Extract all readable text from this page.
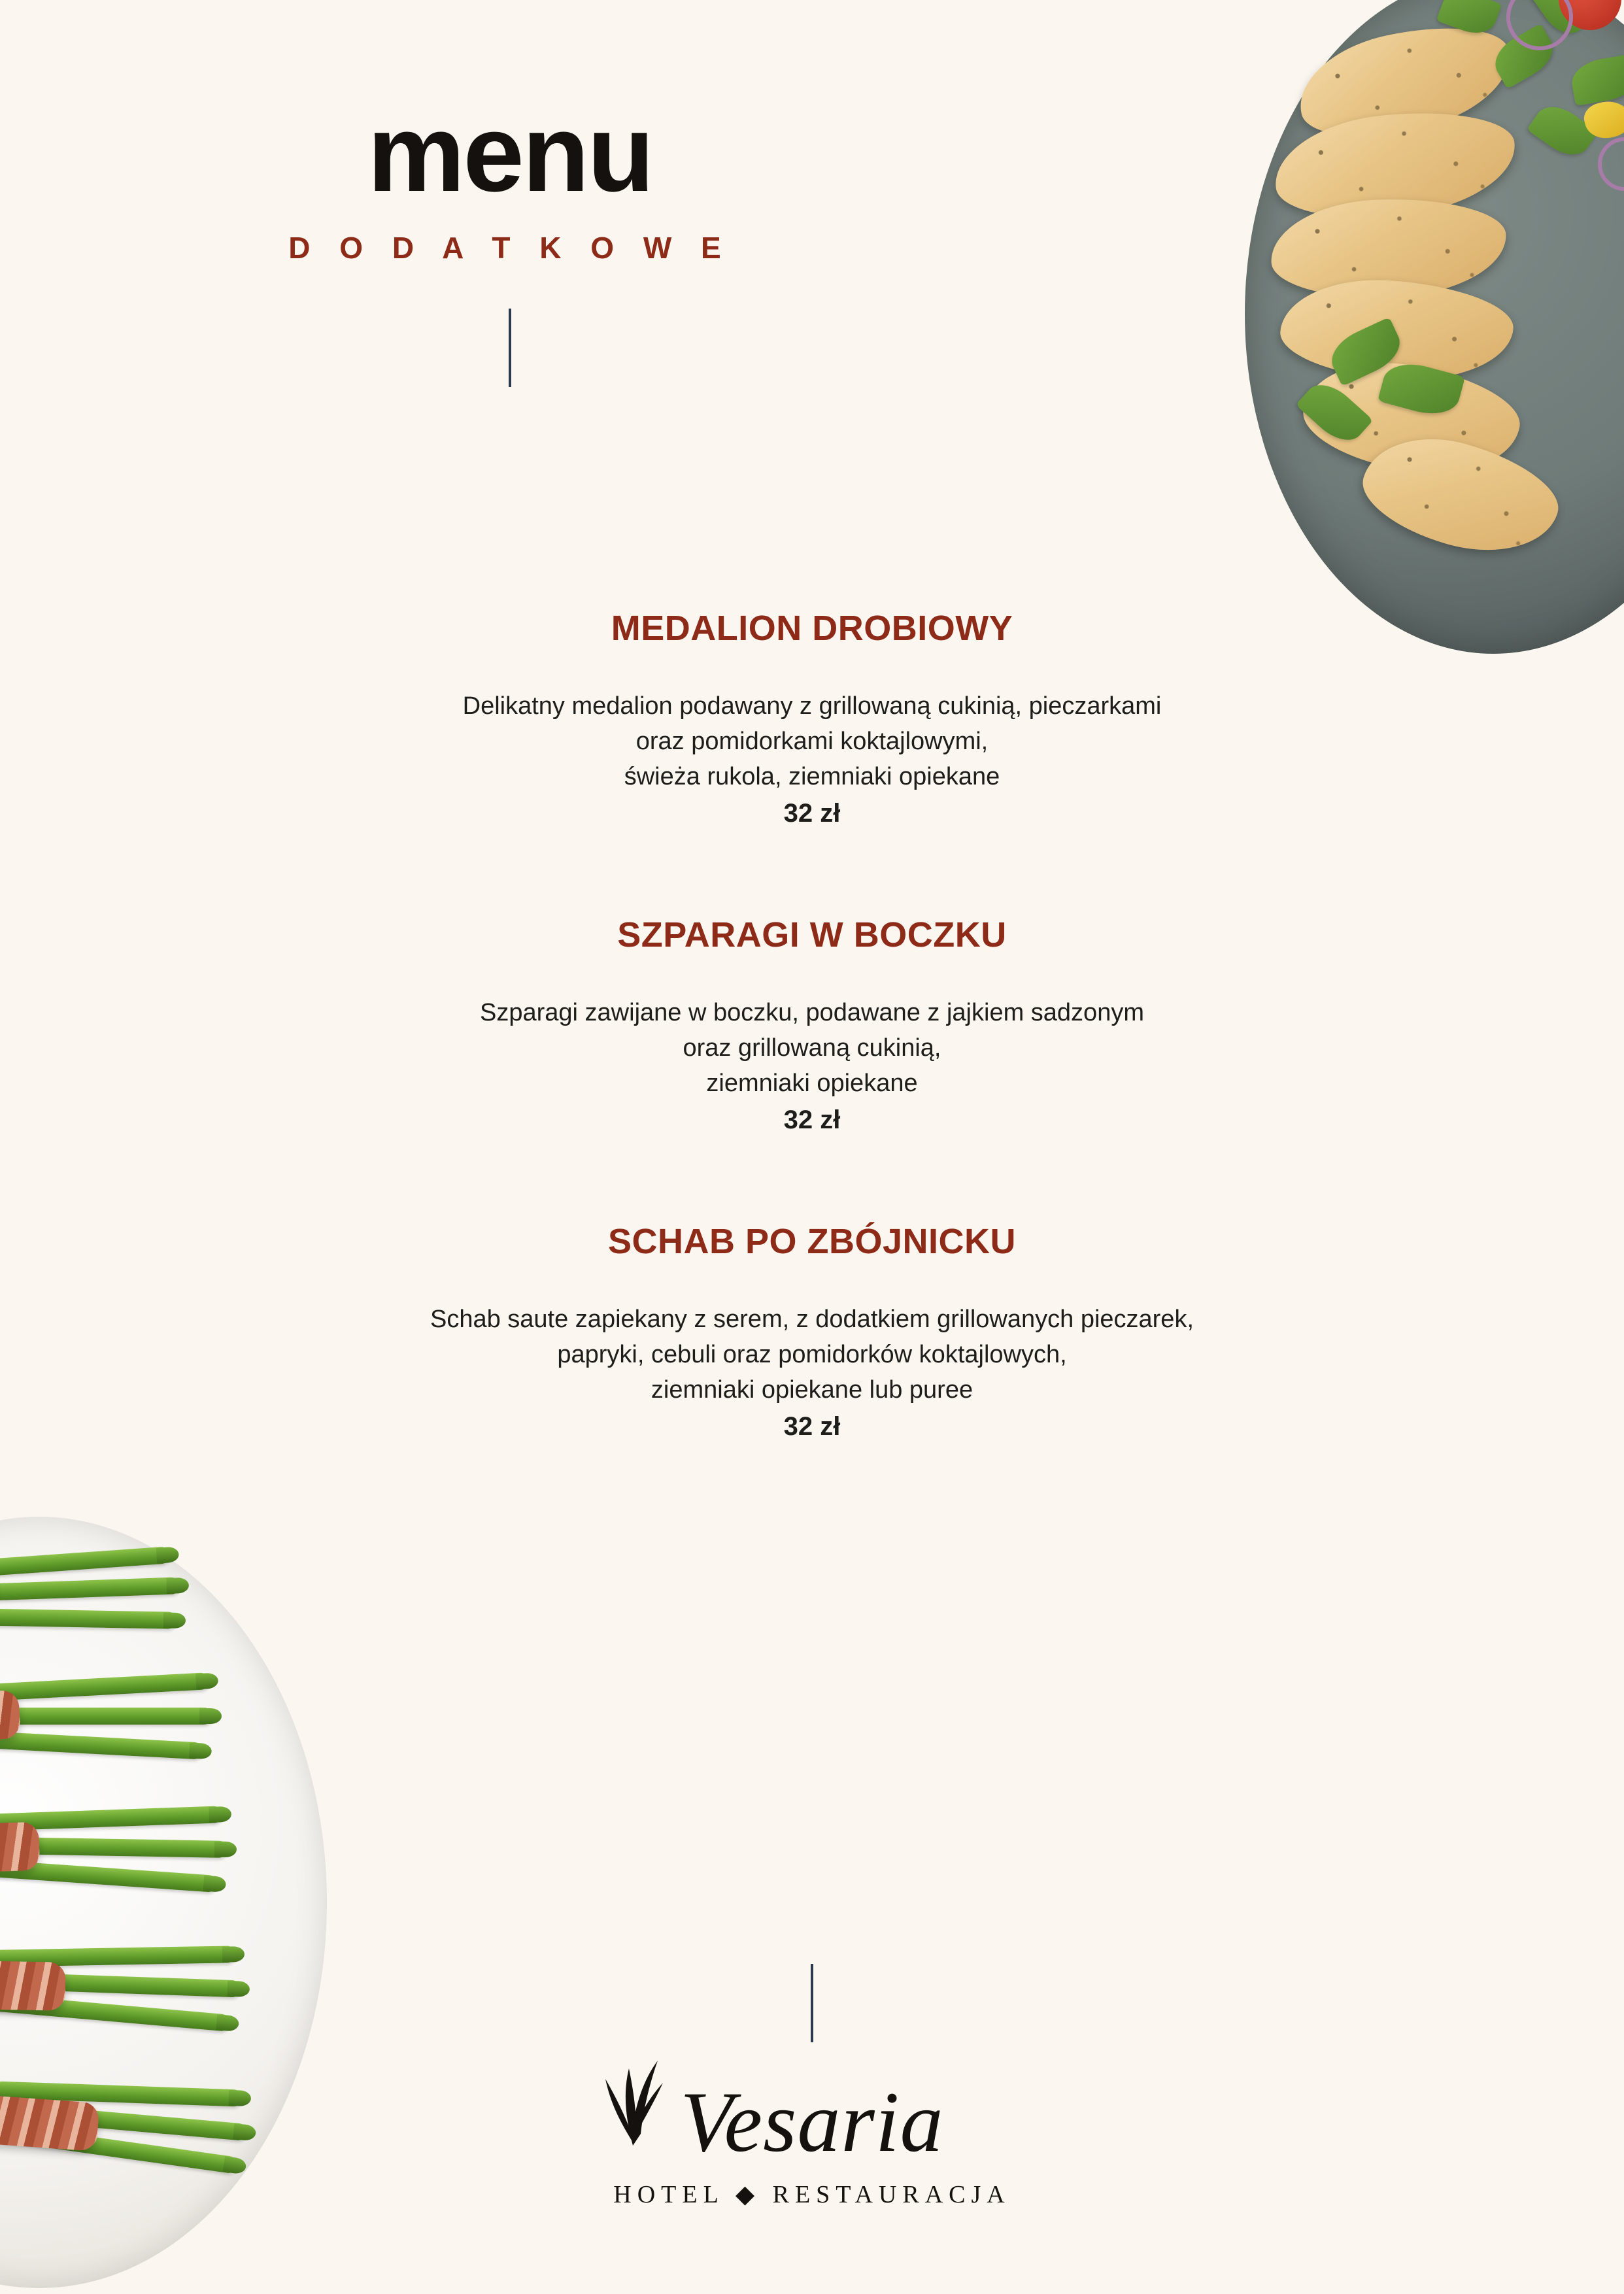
menu
D O D A T K O W E
MEDALION DROBIOWY

Delikatny medalion podawany z grillowaną cukinią, pieczarkami

oraz pomidorkami koktajlowymi,

świeża rukola, ziemniaki opiekane

32 zł

SZPARAGI W BOCZKU

Szparagi zawijane w boczku, podawane z jajkiem sadzonym

oraz grillowaną cukinią,

ziemniaki opiekane

32 zł

SCHAB PO ZBÓJNICKU

Schab saute zapiekany z serem, z dodatkiem grillowanych pieczarek,

papryki, cebuli oraz pomidorków koktajlowych,

ziemniaki opiekane lub puree

32 zł

Vesaria
HOTEL ◆ RESTAURACJA
